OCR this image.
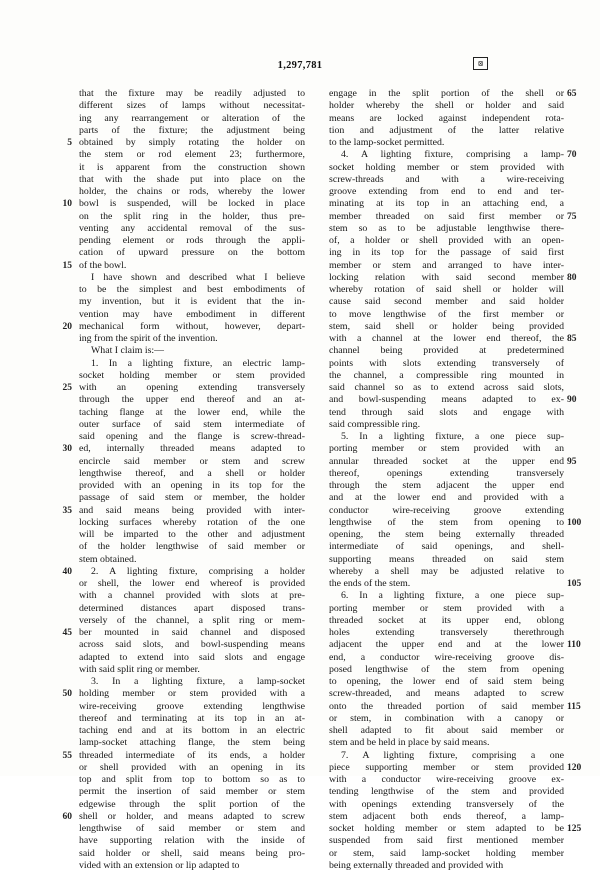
1,297,781	⊠
that the fixture may be readily adjusted to
different sizes of lamps without necessitat-
ing any rearrangement or alteration of the
parts of the fixture; the adjustment being
obtained by simply rotating the holder on
the stem or rod element 23; furthermore,
it is apparent from the construction shown
that with the shade put into place on the
holder, the chains or rods, whereby the lower
bowl is suspended, will be locked in place
on the split ring in the holder, thus pre-
venting any accidental removal of the sus-
pending element or rods through the appli-
cation of upward pressure on the bottom
of the bowl.
I have shown and described what I believe
to be the simplest and best embodiments of
my invention, but it is evident that the in-
vention may have embodiment in different
mechanical form without, however, depart-
ing from the spirit of the invention.
What I claim is:—
1. In a lighting fixture, an electric lamp-
socket holding member or stem provided
with an opening extending transversely
through the upper end thereof and an at-
taching flange at the lower end, while the
outer surface of said stem intermediate of
said opening and the flange is screw-thread-
ed, internally threaded means adapted to
encircle said member or stem and screw
lengthwise thereof, and a shell or holder
provided with an opening in its top for the
passage of said stem or member, the holder
and said means being provided with inter-
locking surfaces whereby rotation of the one
will be imparted to the other and adjustment
of the holder lengthwise of said member or
stem obtained.
2. A lighting fixture, comprising a holder
or shell, the lower end whereof is provided
with a channel provided with slots at pre-
determined distances apart disposed trans-
versely of the channel, a split ring or mem-
ber mounted in said channel and disposed
across said slots, and bowl-suspending means
adapted to extend into said slots and engage
with said split ring or member.
3. In a lighting fixture, a lamp-socket
holding member or stem provided with a
wire-receiving groove extending lengthwise
thereof and terminating at its top in an at-
taching end and at its bottom in an electric
lamp-socket attaching flange, the stem being
threaded intermediate of its ends, a holder
or shell provided with an opening in its
top and split from top to bottom so as to
permit the insertion of said member or stem
edgewise through the split portion of the
shell or holder, and means adapted to screw
lengthwise of said member or stem and
have supporting relation with the inside of
said holder or shell, said means being pro-
vided with an extension or lip adapted to
engage in the split portion of the shell or
holder whereby the shell or holder and said
means are locked against independent rota-
tion and adjustment of the latter relative
to the lamp-socket permitted.
4. A lighting fixture, comprising a lamp-
socket holding member or stem provided with
screw-threads and with a wire-receiving
groove extending from end to end and ter-
minating at its top in an attaching end, a
member threaded on said first member or
stem so as to be adjustable lengthwise there-
of, a holder or shell provided with an open-
ing in its top for the passage of said first
member or stem and arranged to have inter-
locking relation with said second member
whereby rotation of said shell or holder will
cause said second member and said holder
to move lengthwise of the first member or
stem, said shell or holder being provided
with a channel at the lower end thereof, the
channel being provided at predetermined
points with slots extending transversely of
the channel, a compressible ring mounted in
said channel so as to extend across said slots,
and bowl-suspending means adapted to ex-
tend through said slots and engage with
said compressible ring.
5. In a lighting fixture, a one piece sup-
porting member or stem provided with an
annular threaded socket at the upper end
thereof, openings extending transversely
through the stem adjacent the upper end
and at the lower end and provided with a
conductor wire-receiving groove extending
lengthwise of the stem from opening to
opening, the stem being externally threaded
intermediate of said openings, and shell-
supporting means threaded on said stem
whereby a shell may be adjusted relative to
the ends of the stem.
6. In a lighting fixture, a one piece sup-
porting member or stem provided with a
threaded socket at its upper end, oblong
holes extending transversely therethrough
adjacent the upper end and at the lower
end, a conductor wire-receiving groove dis-
posed lengthwise of the stem from opening
to opening, the lower end of said stem being
screw-threaded, and means adapted to screw
onto the threaded portion of said member
or stem, in combination with a canopy or
shell adapted to fit about said member or
stem and be held in place by said means.
7. A lighting fixture, comprising a one
piece supporting member or stem provided
with a conductor wire-receiving groove ex-
tending lengthwise of the stem and provided
with openings extending transversely of the
stem adjacent both ends thereof, a lamp-
socket holding member or stem adapted to be
suspended from said first mentioned member
or stem, said lamp-socket holding member
being externally threaded and provided with
5
10
15
20
25
30
35
40
45
50
55
60
65
70
75
80
85
90
95
100
105
110
115
120
125
